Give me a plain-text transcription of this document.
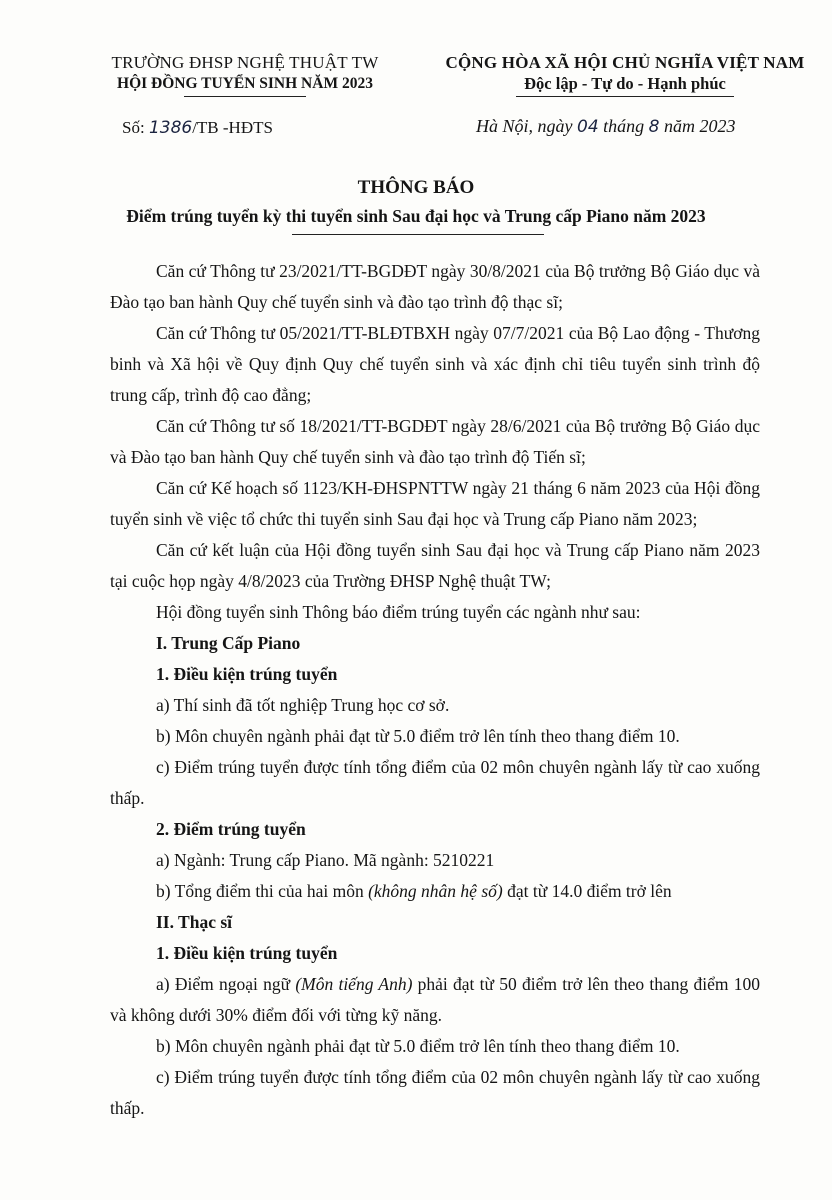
TRƯỜNG ĐHSP NGHỆ THUẬT TW
HỘI ĐỒNG TUYỂN SINH NĂM 2023
CỘNG HÒA XÃ HỘI CHỦ NGHĨA VIỆT NAM
Độc lập - Tự do - Hạnh phúc
Số: 1386/TB -HĐTS	Hà Nội, ngày 04 tháng 8 năm 2023
THÔNG BÁO
Điểm trúng tuyển kỳ thi tuyển sinh Sau đại học và Trung cấp Piano năm 2023

Căn cứ Thông tư 23/2021/TT-BGDĐT ngày 30/8/2021 của Bộ trưởng Bộ Giáo dục và Đào tạo ban hành Quy chế tuyển sinh và đào tạo trình độ thạc sĩ;

Căn cứ Thông tư 05/2021/TT-BLĐTBXH ngày 07/7/2021 của Bộ Lao động - Thương binh và Xã hội về Quy định Quy chế tuyển sinh và xác định chỉ tiêu tuyển sinh trình độ trung cấp, trình độ cao đẳng;

Căn cứ Thông tư số 18/2021/TT-BGDĐT ngày 28/6/2021 của Bộ trưởng Bộ Giáo dục và Đào tạo ban hành Quy chế tuyển sinh và đào tạo trình độ Tiến sĩ;

Căn cứ Kế hoạch số 1123/KH-ĐHSPNTTW ngày 21 tháng 6 năm 2023 của Hội đồng tuyển sinh về việc tổ chức thi tuyển sinh Sau đại học và Trung cấp Piano năm 2023;

Căn cứ kết luận của Hội đồng tuyển sinh Sau đại học và Trung cấp Piano năm 2023 tại cuộc họp ngày 4/8/2023 của Trường ĐHSP Nghệ thuật TW;

Hội đồng tuyển sinh Thông báo điểm trúng tuyển các ngành như sau:

I. Trung Cấp Piano

1. Điều kiện trúng tuyển

a) Thí sinh đã tốt nghiệp Trung học cơ sở.

b) Môn chuyên ngành phải đạt từ 5.0 điểm trở lên tính theo thang điểm 10.

c) Điểm trúng tuyển được tính tổng điểm của 02 môn chuyên ngành lấy từ cao xuống thấp.

2. Điểm trúng tuyển

a) Ngành: Trung cấp Piano. Mã ngành: 5210221

b) Tổng điểm thi của hai môn (không nhân hệ số) đạt từ 14.0 điểm trở lên

II. Thạc sĩ

1. Điều kiện trúng tuyển

a) Điểm ngoại ngữ (Môn tiếng Anh) phải đạt từ 50 điểm trở lên theo thang điểm 100 và không dưới 30% điểm đối với từng kỹ năng.

b) Môn chuyên ngành phải đạt từ 5.0 điểm trở lên tính theo thang điểm 10.

c) Điểm trúng tuyển được tính tổng điểm của 02 môn chuyên ngành lấy từ cao xuống thấp.
